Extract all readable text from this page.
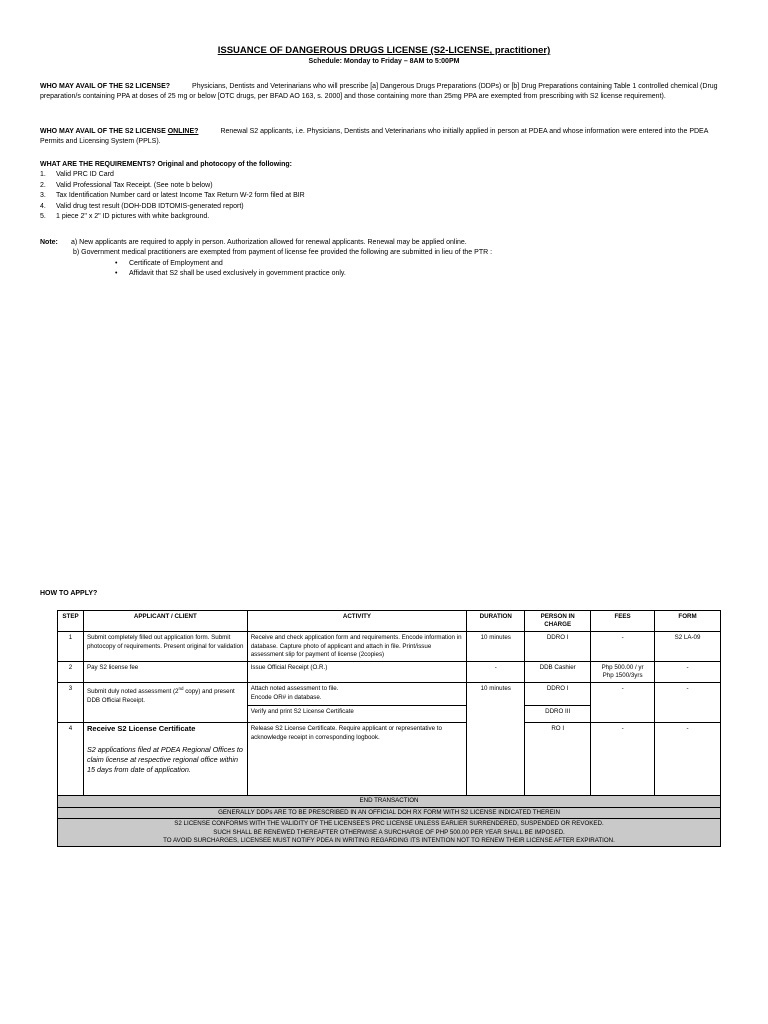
ISSUANCE OF DANGEROUS DRUGS LICENSE (S2-LICENSE, practitioner)
Schedule: Monday to Friday – 8AM to 5:00PM
WHO MAY AVAIL OF THE S2 LICENSE?	Physicians, Dentists and Veterinarians who will prescribe [a] Dangerous Drugs Preparations (DDPs) or [b] Drug Preparations containing Table 1 controlled chemical (Drug preparation/s containing PPA at doses of 25 mg or below [OTC drugs, per BFAD AO 163, s. 2000] and those containing more than 25mg PPA are exempted from prescribing with S2 license requirement).
WHO MAY AVAIL OF THE S2 LICENSE ONLINE?	Renewal S2 applicants, i.e. Physicians, Dentists and Veterinarians who initially applied in person at PDEA and whose information were entered into the PDEA Permits and Licensing System (PPLS).
WHAT ARE THE REQUIREMENTS? Original and photocopy of the following:
1.	Valid PRC ID Card
2.	Valid Professional Tax Receipt. (See note b below)
3.	Tax Identification Number card or latest Income Tax Return W-2 form filed at BIR
4.	Valid drug test result (DOH-DDB IDTOMIS-generated report)
5.	1 piece 2" x 2" ID pictures with white background.
Note:	a) New applicants are required to apply in person. Authorization allowed for renewal applicants. Renewal may be applied online.
b) Government medical practitioners are exempted from payment of license fee provided the following are submitted in lieu of the PTR :
• Certificate of Employment and
• Affidavit that S2 shall be used exclusively in government practice only.
HOW TO APPLY?
STEP	APPLICANT / CLIENT	ACTIVITY	DURATION	PERSON IN CHARGE	FEES	FORM
1	Submit completely filled out application form. Submit photocopy of requirements. Present original for validation	Receive and check application form and requirements. Encode information in database. Capture photo of applicant and attach in file. Print/issue assessment slip for payment of license (2copies)	10 minutes	DDRO I	-	S2 LA-09
2	Pay S2 license fee	Issue Official Receipt (O.R.)	-	DDB Cashier	Php 500.00 / yr
Php 1500/3yrs	-
3	Submit duly noted assessment (2nd copy) and present DDB Official Receipt.	Attach noted assessment to file.
Encode OR# in database.	10 minutes	DDRO I	-	-
		Verify and print S2 License Certificate		DDRO III		
4	Receive S2 License Certificate
S2 applications filed at PDEA Regional Offices to claim license at respective regional office within 15 days from date of application.	Release S2 License Certificate. Require applicant or representative to acknowledge receipt in corresponding logbook.		RO I	-	-
END TRANSACTION						
GENERALLY DDPs ARE TO BE PRESCRIBED IN AN OFFICIAL DOH RX FORM WITH S2 LICENSE INDICATED THEREIN						

S2 LICENSE CONFORMS WITH THE VALIDITY OF THE LICENSEE'S PRC LICENSE UNLESS EARLIER SURRENDERED, SUSPENDED OR REVOKED.
SUCH SHALL BE RENEWED THEREAFTER OTHERWISE A SURCHARGE OF PHP 500.00 PER YEAR SHALL BE IMPOSED.
TO AVOID SURCHARGES, LICENSEE MUST NOTIFY PDEA IN WRITING REGARDING ITS INTENTION NOT TO RENEW THEIR LICENSE AFTER EXPIRATION.						
